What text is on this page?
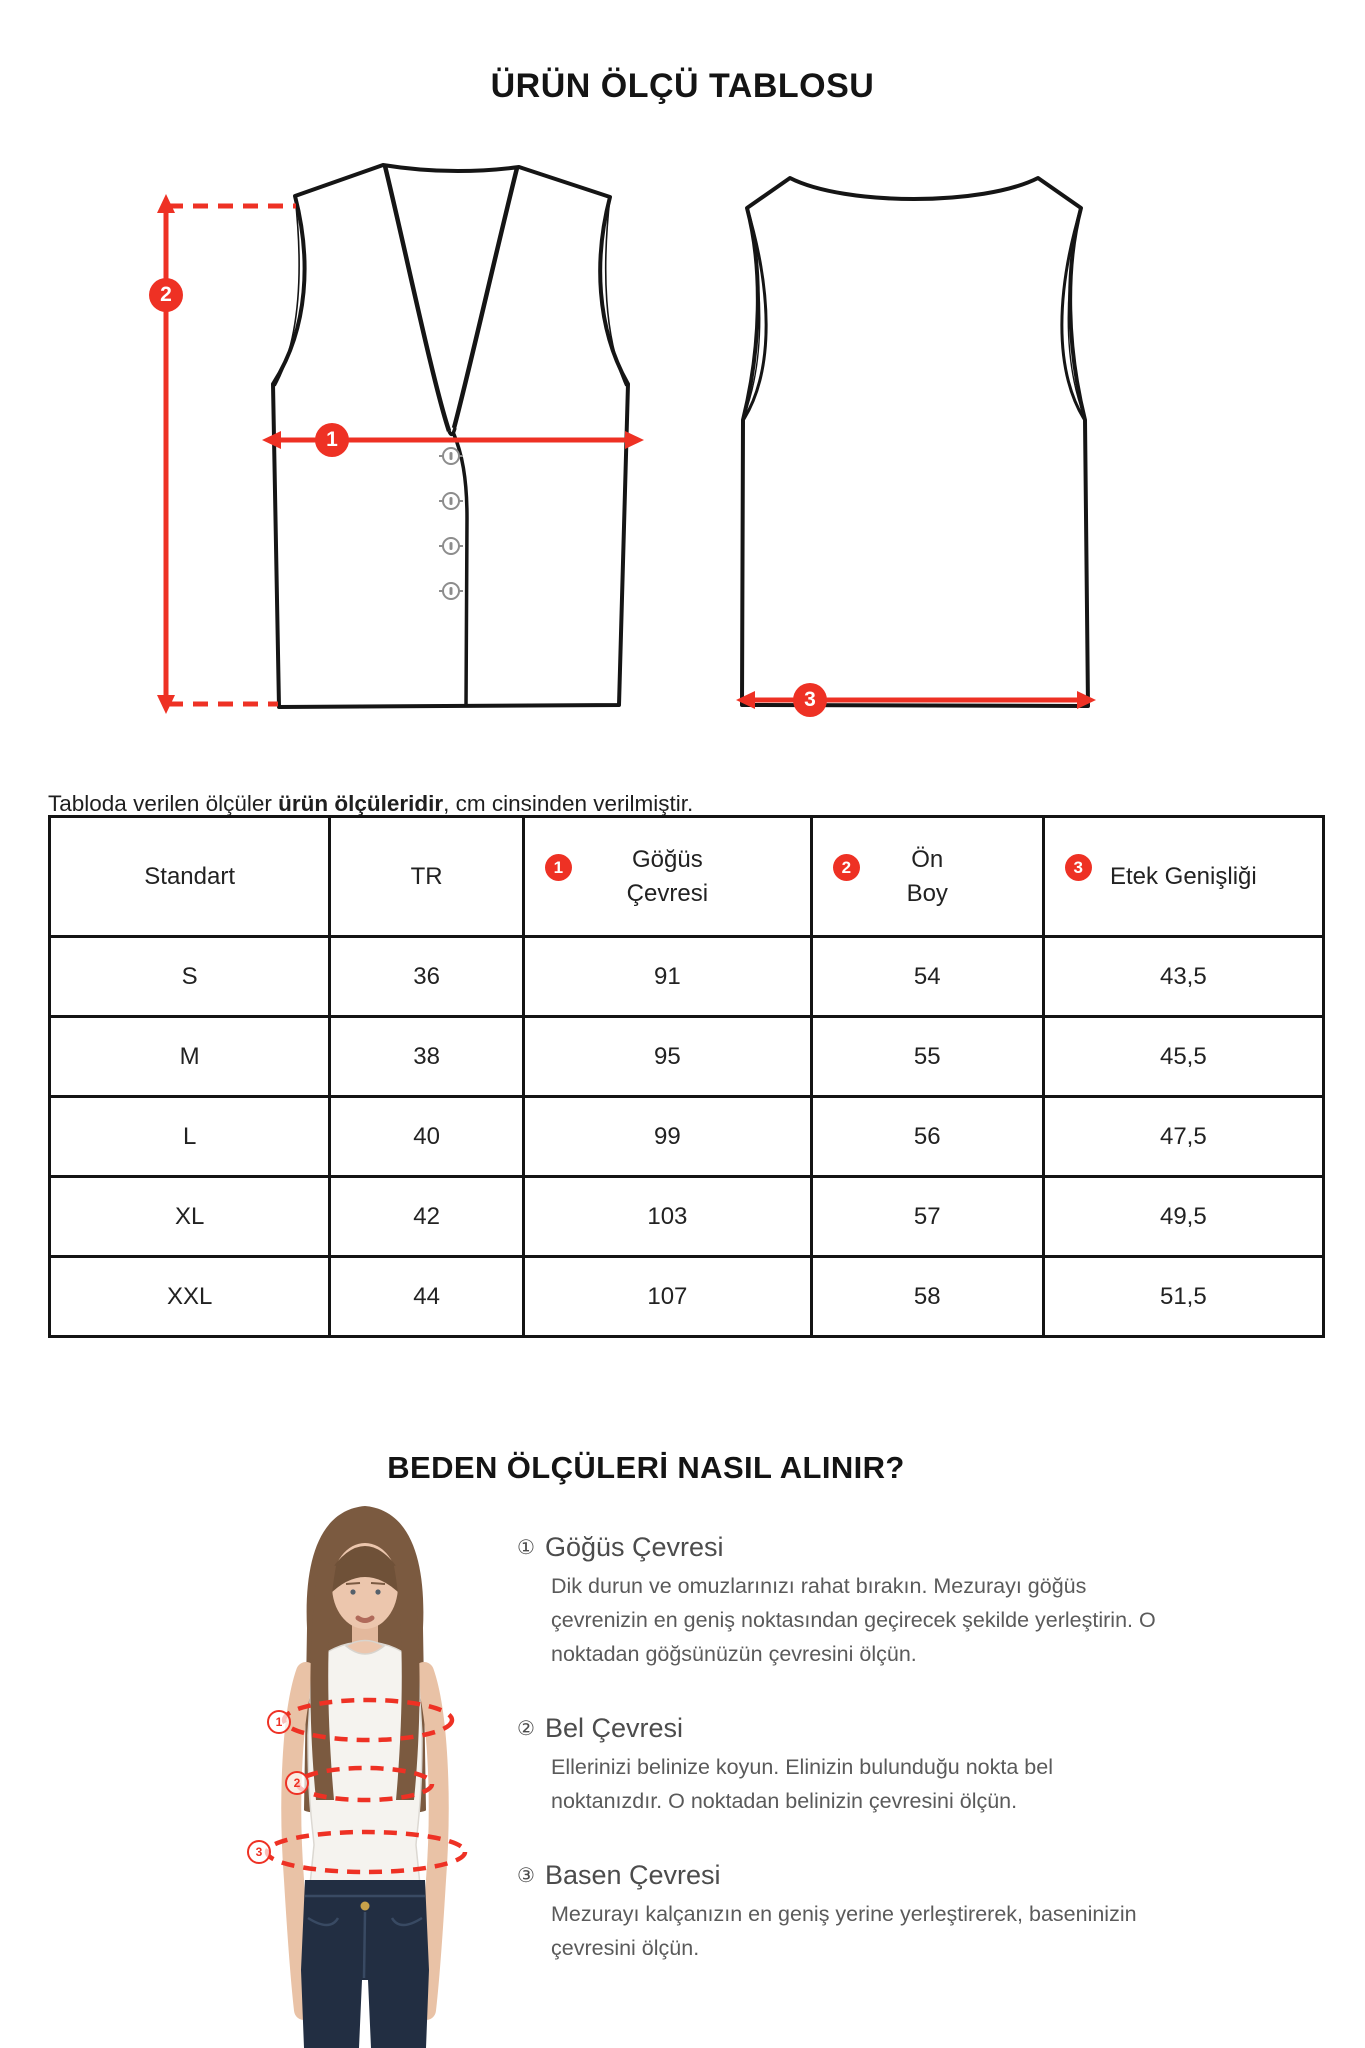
ÜRÜN ÖLÇÜ TABLOSU
1
2
3

Tabloda verilen ölçüler ürün ölçüleridir, cm cinsinden verilmiştir.

Standart	TR	1 Göğüs Çevresi	2 Ön Boy	3 Etek Genişliği
S	36	91	54	43,5
M	38	95	55	45,5
L	40	99	56	47,5
XL	42	103	57	49,5
XXL	44	107	58	51,5
BEDEN ÖLÇÜLERİ NASIL ALINIR?
1
2
3
① Göğüs Çevresi

Dik durun ve omuzlarınızı rahat bırakın. Mezurayı göğüs çevrenizin en geniş noktasından geçirecek şekilde yerleştirin. O noktadan göğsünüzün çevresini ölçün.

② Bel Çevresi

Ellerinizi belinize koyun. Elinizin bulunduğu nokta bel noktanızdır. O noktadan belinizin çevresini ölçün.

③ Basen Çevresi

Mezurayı kalçanızın en geniş yerine yerleştirerek, baseninizin çevresini ölçün.
